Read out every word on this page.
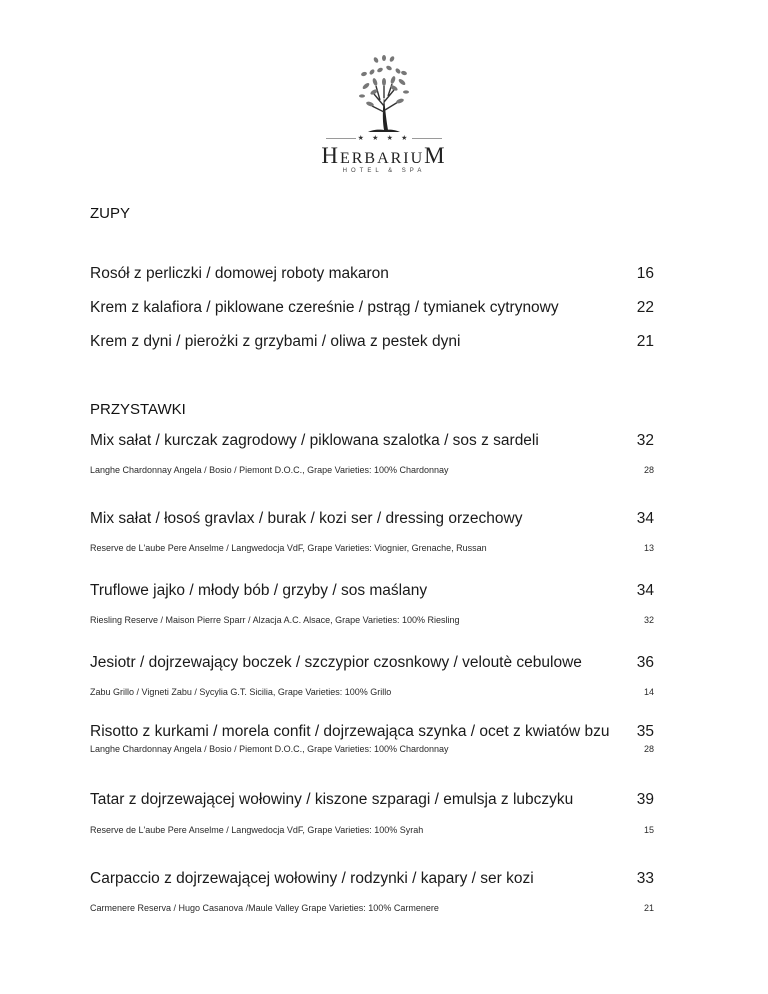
★ ★ ★ ★
HerbariuM
HOTEL & SPA
ZUPY
Rosół z perliczki / domowej roboty makaron	16
Krem z kalafiora / piklowane czereśnie / pstrąg / tymianek cytrynowy	22
Krem z dyni / pierożki z grzybami / oliwa z pestek dyni	21
PRZYSTAWKI
Mix sałat / kurczak zagrodowy / piklowana szalotka / sos z sardeli	32
Langhe Chardonnay Angela / Bosio / Piemont D.O.C., Grape Varieties: 100% Chardonnay	28
Mix sałat / łosoś gravlax / burak / kozi ser / dressing orzechowy	34
Reserve de L'aube Pere Anselme / Langwedocja VdF, Grape Varieties: Viognier, Grenache, Russan	13
Truflowe jajko / młody bób / grzyby / sos maślany	34
Riesling Reserve / Maison Pierre Sparr / Alzacja A.C. Alsace, Grape Varieties: 100% Riesling	32
Jesiotr / dojrzewający boczek / szczypior czosnkowy / veloutè cebulowe	36
Zabu Grillo / Vigneti Zabu / Sycylia G.T. Sicilia, Grape Varieties: 100% Grillo	14
Risotto z kurkami / morela confit / dojrzewająca szynka / ocet z kwiatów bzu 35
Langhe Chardonnay Angela / Bosio / Piemont D.O.C., Grape Varieties: 100% Chardonnay	28
Tatar z dojrzewającej wołowiny / kiszone szparagi / emulsja z lubczyku	39
Reserve de L'aube Pere Anselme / Langwedocja VdF, Grape Varieties: 100% Syrah	15
Carpaccio z dojrzewającej wołowiny / rodzynki / kapary / ser kozi	33
Carmenere Reserva / Hugo Casanova /Maule Valley Grape Varieties: 100% Carmenere	21
